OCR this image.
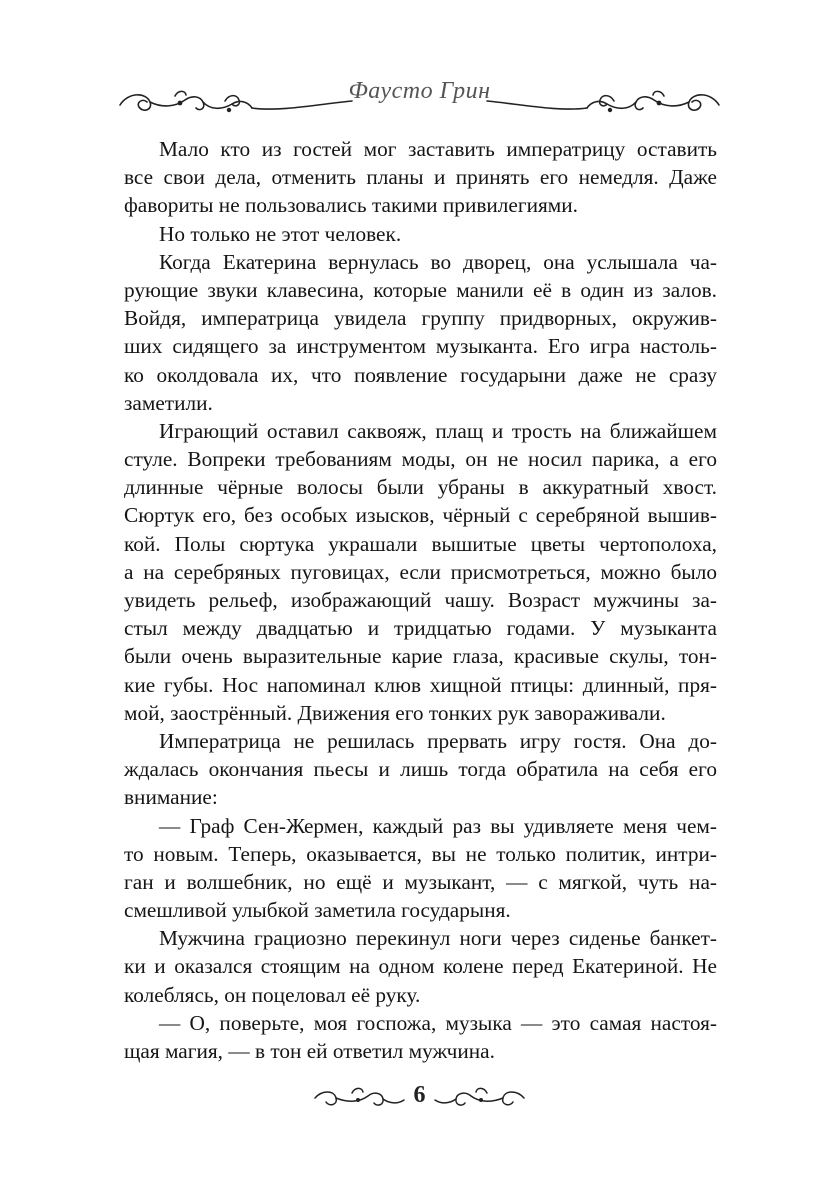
Фаусто Грин
Мало кто из гостей мог заставить императрицу оставить
все свои дела, отменить планы и принять его немедля. Даже
фавориты не пользовались такими привилегиями.
Но только не этот человек.
Когда Екатерина вернулась во дворец, она услышала ча-
рующие звуки клавесина, которые манили её в один из залов.
Войдя, императрица увидела группу придворных, окружив-
ших сидящего за инструментом музыканта. Его игра настоль-
ко околдовала их, что появление государыни даже не сразу
заметили.
Играющий оставил саквояж, плащ и трость на ближайшем
стуле. Вопреки требованиям моды, он не носил парика, а его
длинные чёрные волосы были убраны в аккуратный хвост.
Сюртук его, без особых изысков, чёрный с серебряной вышив-
кой. Полы сюртука украшали вышитые цветы чертополоха,
а на серебряных пуговицах, если присмотреться, можно было
увидеть рельеф, изображающий чашу. Возраст мужчины за-
стыл между двадцатью и тридцатью годами. У музыканта
были очень выразительные карие глаза, красивые скулы, тон-
кие губы. Нос напоминал клюв хищной птицы: длинный, пря-
мой, заострённый. Движения его тонких рук завораживали.
Императрица не решилась прервать игру гостя. Она до-
ждалась окончания пьесы и лишь тогда обратила на себя его
внимание:
— Граф Сен-Жермен, каждый раз вы удивляете меня чем-
то новым. Теперь, оказывается, вы не только политик, интри-
ган и волшебник, но ещё и музыкант, — с мягкой, чуть на-
смешливой улыбкой заметила государыня.
Мужчина грациозно перекинул ноги через сиденье банкет-
ки и оказался стоящим на одном колене перед Екатериной. Не
колеблясь, он поцеловал её руку.
— О, поверьте, моя госпожа, музыка — это самая настоя-
щая магия, — в тон ей ответил мужчина.
6
